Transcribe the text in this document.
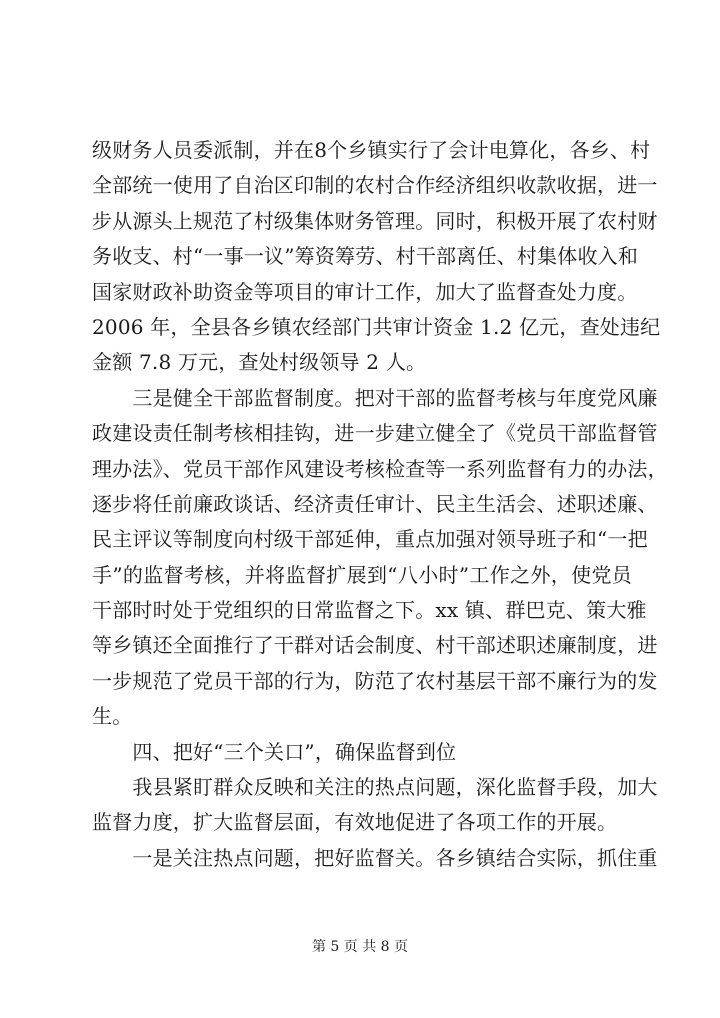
级财务人员委派制，并在8个乡镇实行了会计电算化，各乡、村
全部统一使用了自治区印制的农村合作经济组织收款收据，进一
步从源头上规范了村级集体财务管理。同时，积极开展了农村财
务收支、村“一事一议”筹资筹劳、村干部离任、村集体收入和
国家财政补助资金等项目的审计工作，加大了监督查处力度。
2006 年，全县各乡镇农经部门共审计资金 1.2 亿元，查处违纪
金额 7.8 万元，查处村级领导 2 人。
　　三是健全干部监督制度。把对干部的监督考核与年度党风廉
政建设责任制考核相挂钩，进一步建立健全了《党员干部监督管
理办法》、党员干部作风建设考核检查等一系列监督有力的办法，
逐步将任前廉政谈话、经济责任审计、民主生活会、述职述廉、
民主评议等制度向村级干部延伸，重点加强对领导班子和“一把
手”的监督考核，并将监督扩展到“八小时”工作之外，使党员
干部时时处于党组织的日常监督之下。xx 镇、群巴克、策大雅
等乡镇还全面推行了干群对话会制度、村干部述职述廉制度，进
一步规范了党员干部的行为，防范了农村基层干部不廉行为的发
生。
　　四、把好“三个关口”，确保监督到位
　　我县紧盯群众反映和关注的热点问题，深化监督手段，加大
监督力度，扩大监督层面，有效地促进了各项工作的开展。
　　一是关注热点问题，把好监督关。各乡镇结合实际，抓住重
第 5 页 共 8 页
